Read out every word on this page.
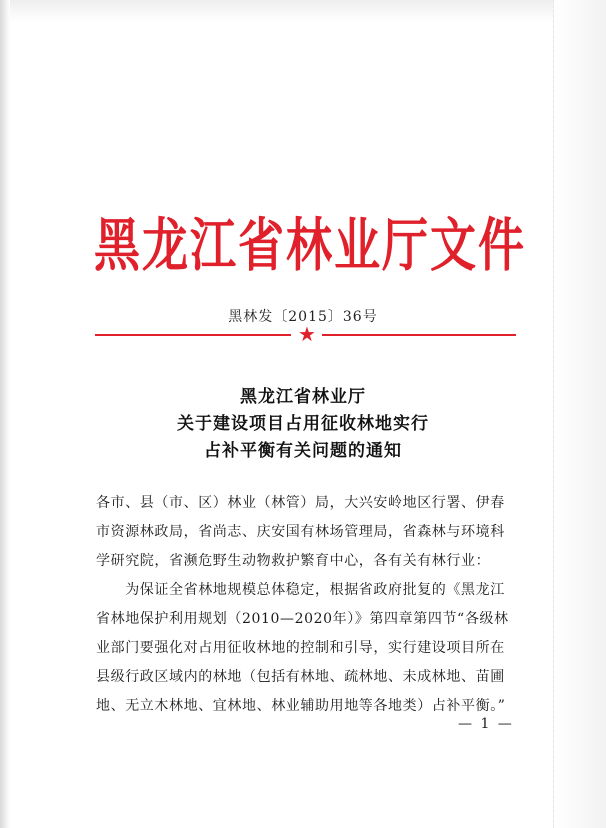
黑龙江省林业厅文件
黑林发〔2015〕36号
★
黑龙江省林业厅
关于建设项目占用征收林地实行
占补平衡有关问题的通知
各市、县（市、区）林业（林管）局，大兴安岭地区行署、伊春
市资源林政局，省尚志、庆安国有林场管理局，省森林与环境科
学研究院，省濒危野生动物救护繁育中心，各有关有林行业：
　　为保证全省林地规模总体稳定，根据省政府批复的《黑龙江
省林地保护利用规划（2010—2020年）》第四章第四节“各级林
业部门要强化对占用征收林地的控制和引导，实行建设项目所在
县级行政区域内的林地（包括有林地、疏林地、未成林地、苗圃
地、无立木林地、宜林地、林业辅助用地等各地类）占补平衡。”
— 1 —
